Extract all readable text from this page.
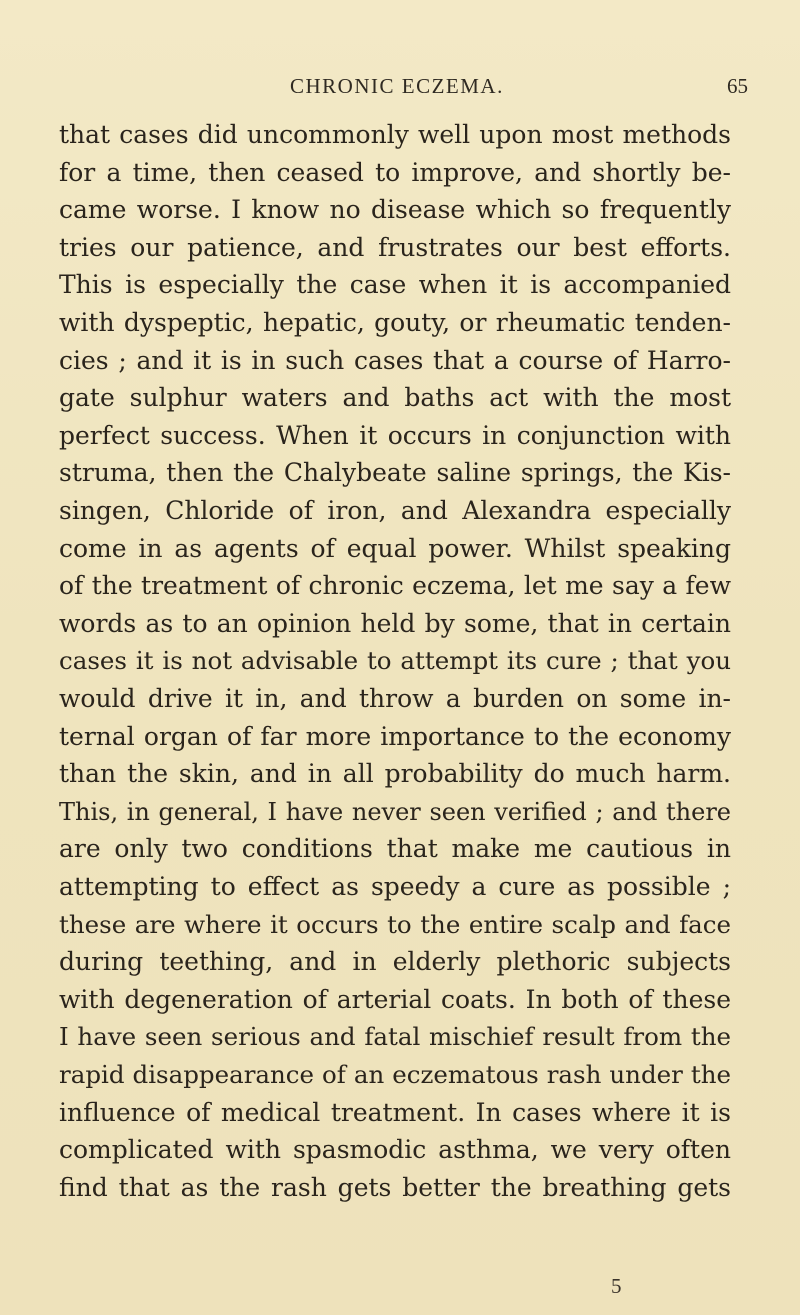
CHRONIC ECZEMA.	65
that cases did uncommonly well upon most methods
for a time, then ceased to improve, and shortly be-
came worse. I know no disease which so frequently
tries our patience, and frustrates our best efforts.
This is especially the case when it is accompanied
with dyspeptic, hepatic, gouty, or rheumatic tenden-
cies ; and it is in such cases that a course of Harro-
gate sulphur waters and baths act with the most
perfect success. When it occurs in conjunction with
struma, then the Chalybeate saline springs, the Kis-
singen, Chloride of iron, and Alexandra especially
come in as agents of equal power. Whilst speaking
of the treatment of chronic eczema, let me say a few
words as to an opinion held by some, that in certain
cases it is not advisable to attempt its cure ; that you
would drive it in, and throw a burden on some in-
ternal organ of far more importance to the economy
than the skin, and in all probability do much harm.
This, in general, I have never seen verified ; and there
are only two conditions that make me cautious in
attempting to effect as speedy a cure as possible ;
these are where it occurs to the entire scalp and face
during teething, and in elderly plethoric subjects
with degeneration of arterial coats. In both of these
I have seen serious and fatal mischief result from the
rapid disappearance of an eczematous rash under the
influence of medical treatment. In cases where it is
complicated with spasmodic asthma, we very often
find that as the rash gets better the breathing gets
5
